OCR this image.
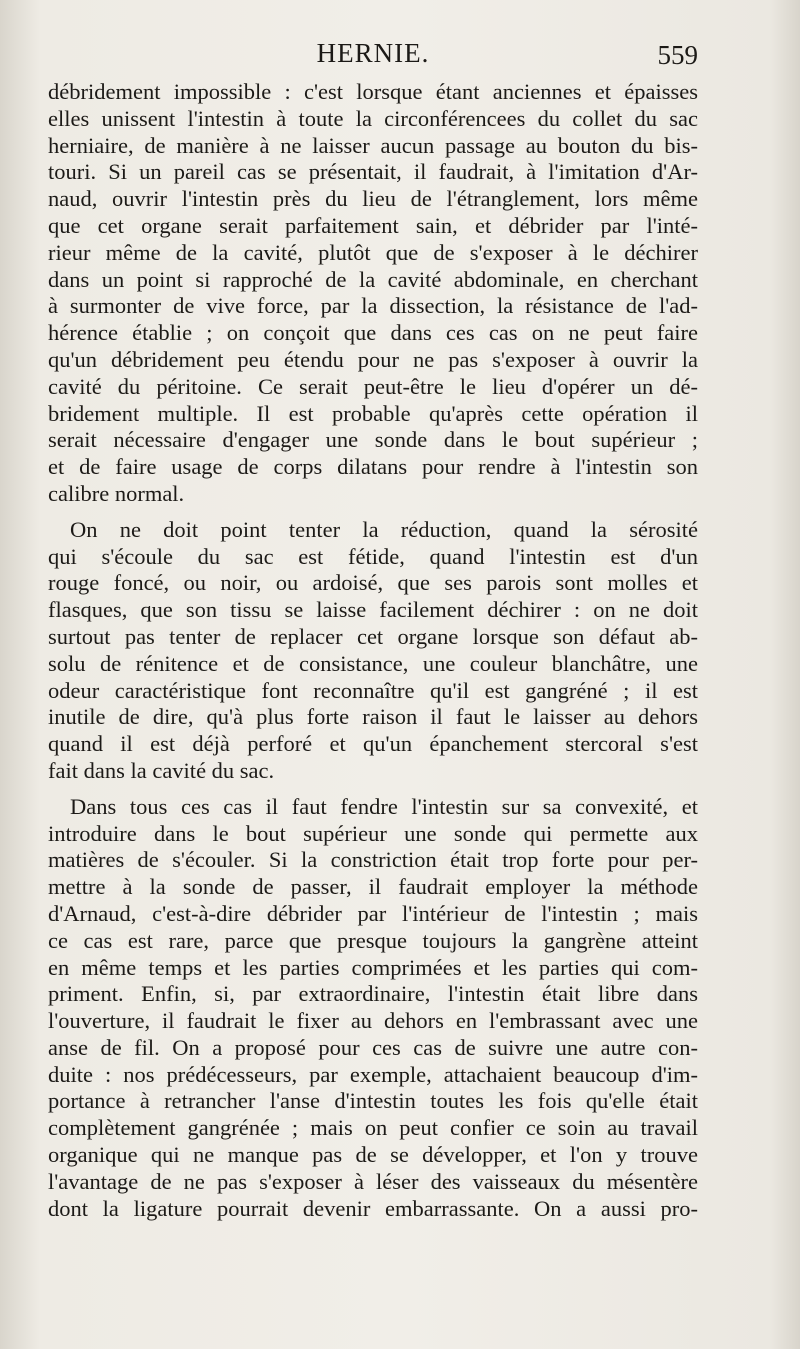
HERNIE.	559
débridement impossible : c'est lorsque étant anciennes et épaisses
elles unissent l'intestin à toute la circonférencees du collet du sac
herniaire, de manière à ne laisser aucun passage au bouton du bis-
touri. Si un pareil cas se présentait, il faudrait, à l'imitation d'Ar-
naud, ouvrir l'intestin près du lieu de l'étranglement, lors même
que cet organe serait parfaitement sain, et débrider par l'inté-
rieur même de la cavité, plutôt que de s'exposer à le déchirer
dans un point si rapproché de la cavité abdominale, en cherchant
à surmonter de vive force, par la dissection, la résistance de l'ad-
hérence établie ; on conçoit que dans ces cas on ne peut faire
qu'un débridement peu étendu pour ne pas s'exposer à ouvrir la
cavité du péritoine. Ce serait peut-être le lieu d'opérer un dé-
bridement multiple. Il est probable qu'après cette opération il
serait nécessaire d'engager une sonde dans le bout supérieur ;
et de faire usage de corps dilatans pour rendre à l'intestin son
calibre normal.
On ne doit point tenter la réduction, quand la sérosité
qui s'écoule du sac est fétide, quand l'intestin est d'un
rouge foncé, ou noir, ou ardoisé, que ses parois sont molles et
flasques, que son tissu se laisse facilement déchirer : on ne doit
surtout pas tenter de replacer cet organe lorsque son défaut ab-
solu de rénitence et de consistance, une couleur blanchâtre, une
odeur caractéristique font reconnaître qu'il est gangréné ; il est
inutile de dire, qu'à plus forte raison il faut le laisser au dehors
quand il est déjà perforé et qu'un épanchement stercoral s'est
fait dans la cavité du sac.
Dans tous ces cas il faut fendre l'intestin sur sa convexité, et
introduire dans le bout supérieur une sonde qui permette aux
matières de s'écouler. Si la constriction était trop forte pour per-
mettre à la sonde de passer, il faudrait employer la méthode
d'Arnaud, c'est-à-dire débrider par l'intérieur de l'intestin ; mais
ce cas est rare, parce que presque toujours la gangrène atteint
en même temps et les parties comprimées et les parties qui com-
priment. Enfin, si, par extraordinaire, l'intestin était libre dans
l'ouverture, il faudrait le fixer au dehors en l'embrassant avec une
anse de fil. On a proposé pour ces cas de suivre une autre con-
duite : nos prédécesseurs, par exemple, attachaient beaucoup d'im-
portance à retrancher l'anse d'intestin toutes les fois qu'elle était
complètement gangrénée ; mais on peut confier ce soin au travail
organique qui ne manque pas de se développer, et l'on y trouve
l'avantage de ne pas s'exposer à léser des vaisseaux du mésentère
dont la ligature pourrait devenir embarrassante. On a aussi pro-
